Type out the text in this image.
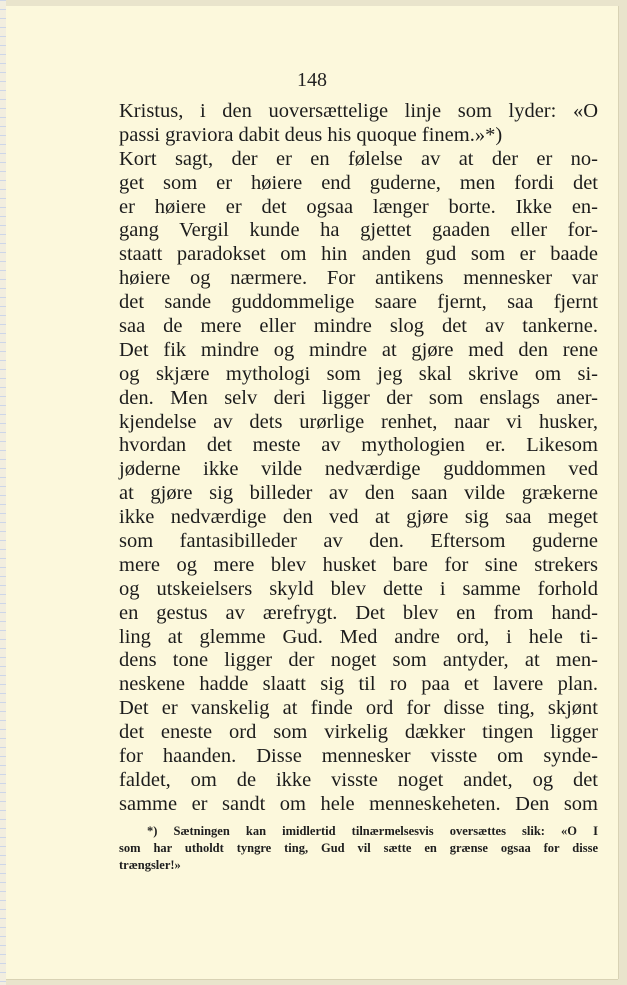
148
Kristus, i den uoversættelige linje som lyder: «O
passi graviora dabit deus his quoque finem.»*)
Kort sagt, der er en følelse av at der er no-
get som er høiere end guderne, men fordi det
er høiere er det ogsaa længer borte. Ikke en-
gang Vergil kunde ha gjettet gaaden eller for-
staatt paradokset om hin anden gud som er baade
høiere og nærmere. For antikens mennesker var
det sande guddommelige saare fjernt, saa fjernt
saa de mere eller mindre slog det av tankerne.
Det fik mindre og mindre at gjøre med den rene
og skjære mythologi som jeg skal skrive om si-
den. Men selv deri ligger der som enslags aner-
kjendelse av dets urørlige renhet, naar vi husker,
hvordan det meste av mythologien er. Likesom
jøderne ikke vilde nedværdige guddommen ved
at gjøre sig billeder av den saan vilde grækerne
ikke nedværdige den ved at gjøre sig saa meget
som fantasibilleder av den. Eftersom guderne
mere og mere blev husket bare for sine strekers
og utskeielsers skyld blev dette i samme forhold
en gestus av ærefrygt. Det blev en from hand-
ling at glemme Gud. Med andre ord, i hele ti-
dens tone ligger der noget som antyder, at men-
neskene hadde slaatt sig til ro paa et lavere plan.
Det er vanskelig at finde ord for disse ting, skjønt
det eneste ord som virkelig dækker tingen ligger
for haanden. Disse mennesker visste om synde-
faldet, om de ikke visste noget andet, og det
samme er sandt om hele menneskeheten. Den som
*) Sætningen kan imidlertid tilnærmelsesvis oversættes slik: «O I
som har utholdt tyngre ting, Gud vil sætte en grænse ogsaa for disse
trængsler!»
